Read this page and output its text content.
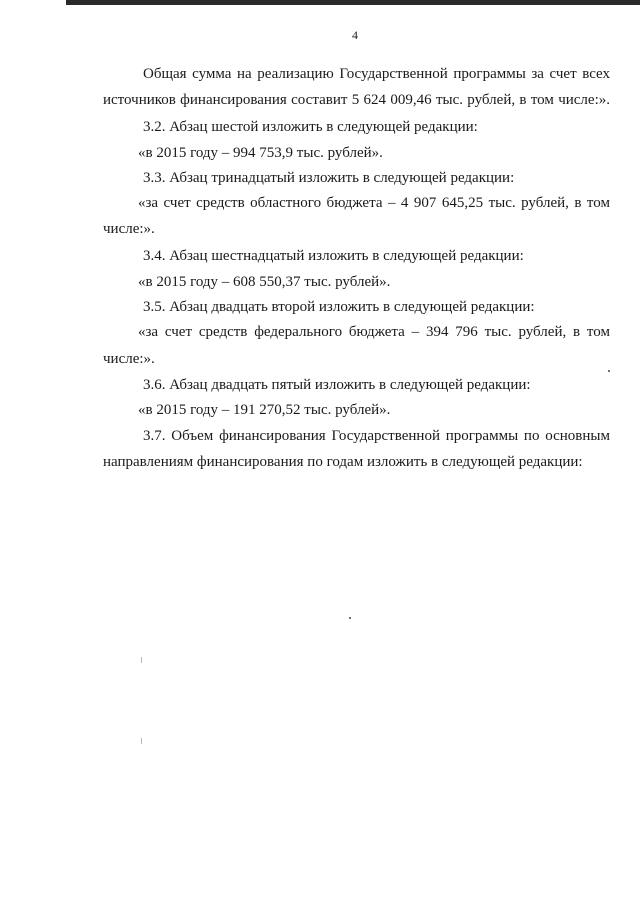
4
Общая сумма на реализацию Государственной программы за счет всех
источников финансирования составит 5 624 009,46 тыс. рублей, в том числе:».
3.2. Абзац шестой изложить в следующей редакции:
«в 2015 году – 994 753,9 тыс. рублей».
3.3. Абзац тринадцатый изложить в следующей редакции:
«за счет средств областного бюджета – 4 907 645,25 тыс. рублей, в том
числе:».
3.4. Абзац шестнадцатый изложить в следующей редакции:
«в 2015 году – 608 550,37 тыс. рублей».
3.5. Абзац двадцать второй изложить в следующей редакции:
«за счет средств федерального бюджета – 394 796 тыс. рублей, в том
числе:».
3.6. Абзац двадцать пятый изложить в следующей редакции:
«в 2015 году – 191 270,52 тыс. рублей».
3.7. Объем финансирования Государственной программы по основным
направлениям финансирования по годам изложить в следующей редакции:
